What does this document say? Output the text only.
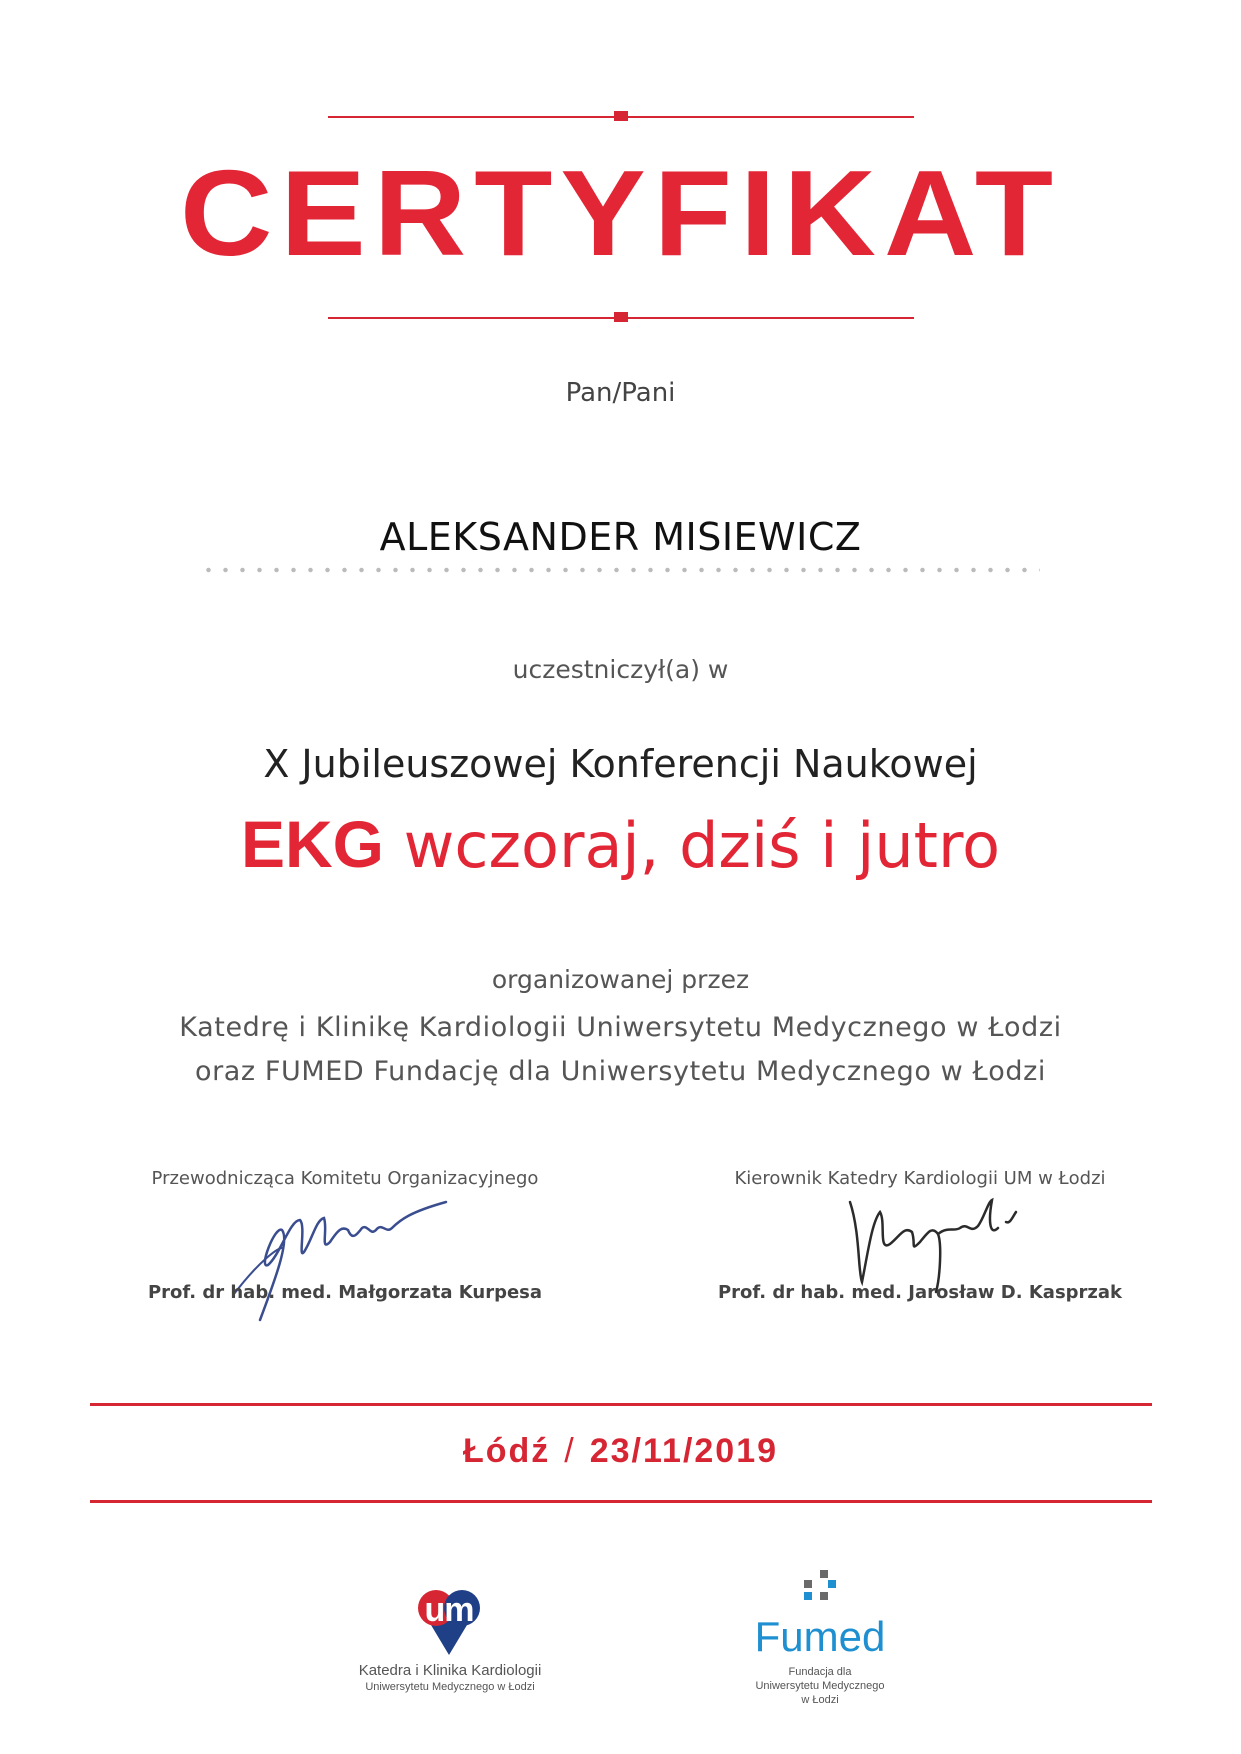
CERTYFIKAT
Pan/Pani
ALEKSANDER MISIEWICZ
uczestniczył(a) w
X Jubileuszowej Konferencji Naukowej
EKG wczoraj, dziś i jutro
organizowanej przez
Katedrę i Klinikę Kardiologii Uniwersytetu Medycznego w Łodzi
oraz FUMED Fundację dla Uniwersytetu Medycznego w Łodzi
Przewodnicząca Komitetu Organizacyjnego
Prof. dr hab. med. Małgorzata Kurpesa
Kierownik Katedry Kardiologii UM w Łodzi
Prof. dr hab. med. Jarosław D. Kasprzak
Łódź / 23/11/2019
um
Katedra i Klinika Kardiologii
Uniwersytetu Medycznego w Łodzi
Fumed
Fundacja dla
Uniwersytetu Medycznego
w Łodzi
